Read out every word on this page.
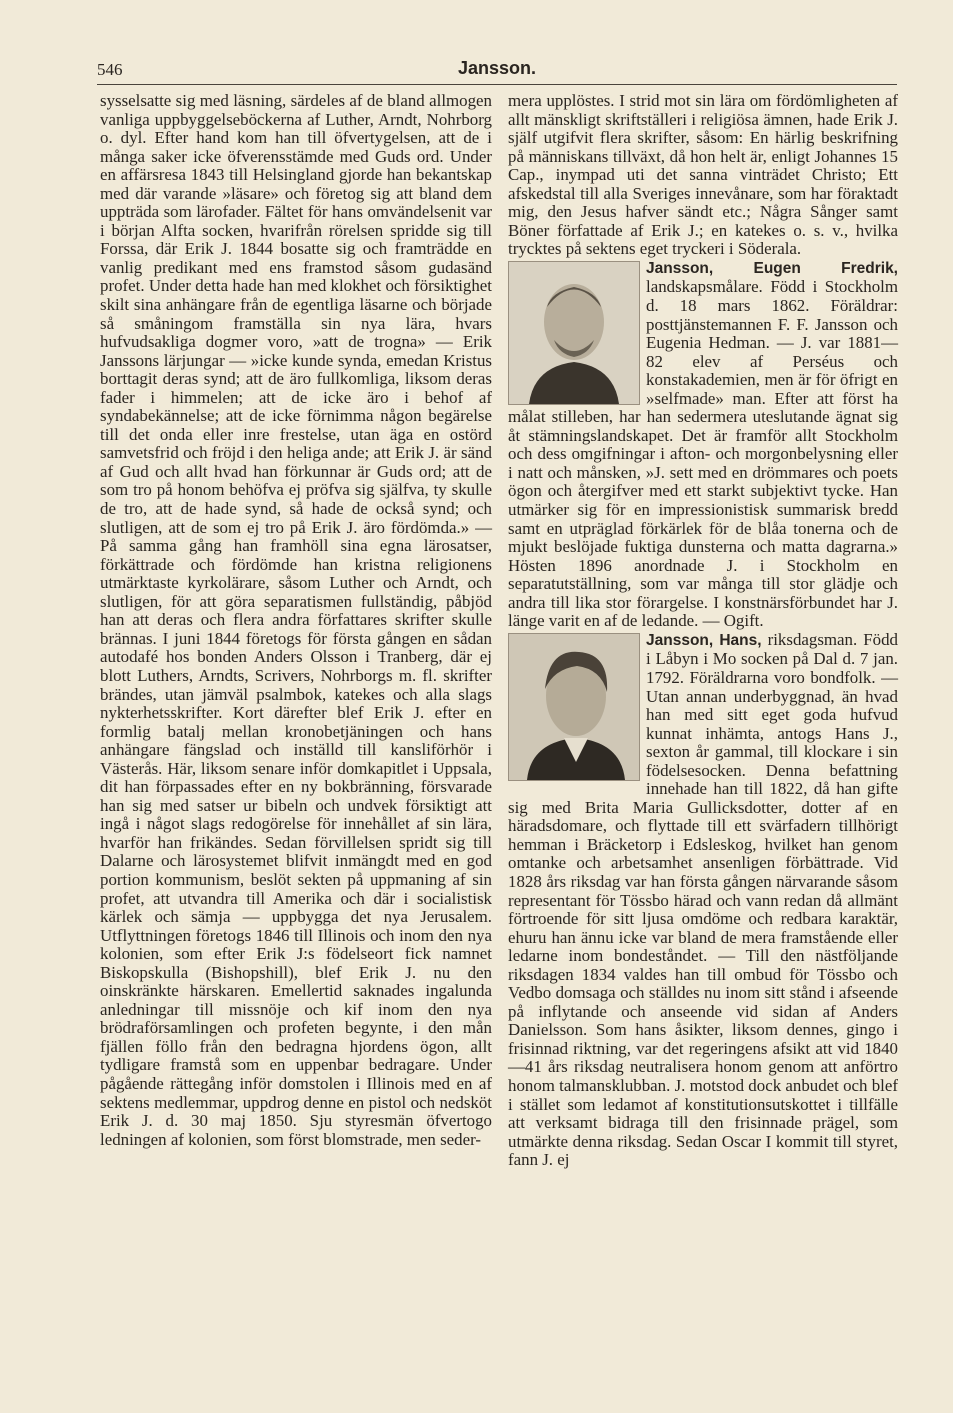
546	Jansson.

sysselsatte sig med läsning, särdeles af de bland allmogen vanliga uppbyggelseböckerna af Luther, Arndt, Nohrborg o. dyl. Efter hand kom han till öfvertygelsen, att de i många saker icke öfverensstämde med Guds ord. Under en affärsresa 1843 till Helsingland gjorde han bekantskap med där varande »läsare» och företog sig att bland dem uppträda som lärofader. Fältet för hans omvändelsenit var i början Alfta socken, hvarifrån rörelsen spridde sig till Forssa, där Erik J. 1844 bosatte sig och framträdde en vanlig predikant med ens framstod såsom gudasänd profet. Under detta hade han med klokhet och försiktighet skilt sina anhängare från de egentliga läsarne och började så småningom framställa sin nya lära, hvars hufvudsakliga dogmer voro, »att de trogna» — Erik Janssons lärjungar — »icke kunde synda, emedan Kristus borttagit deras synd; att de äro fullkomliga, liksom deras fader i himmelen; att de icke äro i behof af syndabekännelse; att de icke förnimma någon begärelse till det onda eller inre frestelse, utan äga en ostörd samvetsfrid och fröjd i den heliga ande; att Erik J. är sänd af Gud och allt hvad han förkunnar är Guds ord; att de som tro på honom behöfva ej pröfva sig själfva, ty skulle de tro, att de hade synd, så hade de också synd; och slutligen, att de som ej tro på Erik J. äro fördömda.» — På samma gång han framhöll sina egna lärosatser, förkättrade och fördömde han kristna religionens utmärktaste kyrkolärare, såsom Luther och Arndt, och slutligen, för att göra separatismen fullständig, påbjöd han att deras och flera andra författares skrifter skulle brännas. I juni 1844 företogs för första gången en sådan autodafé hos bonden Anders Olsson i Tranberg, där ej blott Luthers, Arndts, Scrivers, Nohrborgs m. fl. skrifter brändes, utan jämväl psalmbok, katekes och alla slags nykterhetsskrifter. Kort därefter blef Erik J. efter en formlig batalj mellan kronobetjäningen och hans anhängare fängslad och inställd till kansliförhör i Västerås. Här, liksom senare inför domkapitlet i Uppsala, dit han förpassades efter en ny bokbränning, försvarade han sig med satser ur bibeln och undvek försiktigt att ingå i något slags redogörelse för innehållet af sin lära, hvarför han frikändes. Sedan förvillelsen spridt sig till Dalarne och lärosystemet blifvit inmängdt med en god portion kommunism, beslöt sekten på uppmaning af sin profet, att utvandra till Amerika och där i socialistisk kärlek och sämja — uppbygga det nya Jerusalem. Utflyttningen företogs 1846 till Illinois och inom den nya kolonien, som efter Erik J:s födelseort fick namnet Biskopskulla (Bishopshill), blef Erik J. nu den oinskränkte härskaren. Emellertid saknades ingalunda anledningar till missnöje och kif inom den nya brödraförsamlingen och profeten begynte, i den mån fjällen föllo från den bedragna hjordens ögon, allt tydligare framstå som en uppenbar bedragare. Under pågående rättegång inför domstolen i Illinois med en af sektens medlemmar, uppdrog denne en pistol och nedsköt Erik J. d. 30 maj 1850. Sju styresmän öfvertogo ledningen af kolonien, som först blomstrade, men seder-

mera upplöstes. I strid mot sin lära om fördömligheten af allt mänskligt skriftställeri i religiösa ämnen, hade Erik J. själf utgifvit flera skrifter, såsom: En härlig beskrifning på människans tillväxt, då hon helt är, enligt Johannes 15 Cap., inympad uti det sanna vinträdet Christo; Ett afskedstal till alla Sveriges innevånare, som har föraktadt mig, den Jesus hafver sändt etc.; Några Sånger samt Böner författade af Erik J.; en katekes o. s. v., hvilka trycktes på sektens eget tryckeri i Söderala.

Jansson, Eugen Fredrik,
landskapsmålare. Född i Stockholm d. 18 mars 1862. Föräldrar: posttjänstemannen F. F. Jansson och Eugenia Hedman. — J. var 1881—82 elev af Perséus och konstakademien, men är för öfrigt en »selfmade» man. Efter att först ha målat stilleben, har han sedermera uteslutande ägnat sig åt stämningslandskapet. Det är framför allt Stockholm och dess omgifningar i afton- och morgonbelysning eller i natt och månsken, »J. sett med en drömmares och poets ögon och återgifver med ett starkt subjektivt tycke. Han utmärker sig för en impressionistisk summarisk bredd samt en utpräglad förkärlek för de blåa tonerna och de mjukt beslöjade fuktiga dunsterna och matta dagrarna.» Hösten 1896 anordnade J. i Stockholm en separatutställning, som var många till stor glädje och andra till lika stor förargelse. I konstnärsförbundet har J. länge varit en af de ledande. — Ogift.

Jansson, Hans, riksdagsman. Född i Låbyn i Mo socken på Dal d. 7 jan. 1792. Föräldrarna voro bondfolk. — Utan annan underbyggnad, än hvad han med sitt eget goda hufvud kunnat inhämta, antogs Hans J., sexton år gammal, till klockare i sin födelsesocken. Denna befattning innehade han till 1822, då han gifte sig med Brita Maria Gullicksdotter, dotter af en häradsdomare, och flyttade till ett svärfadern tillhörigt hemman i Bräcketorp i Edsleskog, hvilket han genom omtanke och arbetsamhet ansenligen förbättrade. Vid 1828 års riksdag var han första gången närvarande såsom representant för Tössbo härad och vann redan då allmänt förtroende för sitt ljusa omdöme och redbara karaktär, ehuru han ännu icke var bland de mera framstående eller ledarne inom bondeståndet. — Till den nästföljande riksdagen 1834 valdes han till ombud för Tössbo och Vedbo domsaga och ställdes nu inom sitt stånd i afseende på inflytande och anseende vid sidan af Anders Danielsson. Som hans åsikter, liksom dennes, gingo i frisinnad riktning, var det regeringens afsikt att vid 1840—41 års riksdag neutralisera honom genom att anförtro honom talmansklubban. J. motstod dock anbudet och blef i stället som ledamot af konstitutionsutskottet i tillfälle att verksamt bidraga till den frisinnade prägel, som utmärkte denna riksdag. Sedan Oscar I kommit till styret, fann J. ej
